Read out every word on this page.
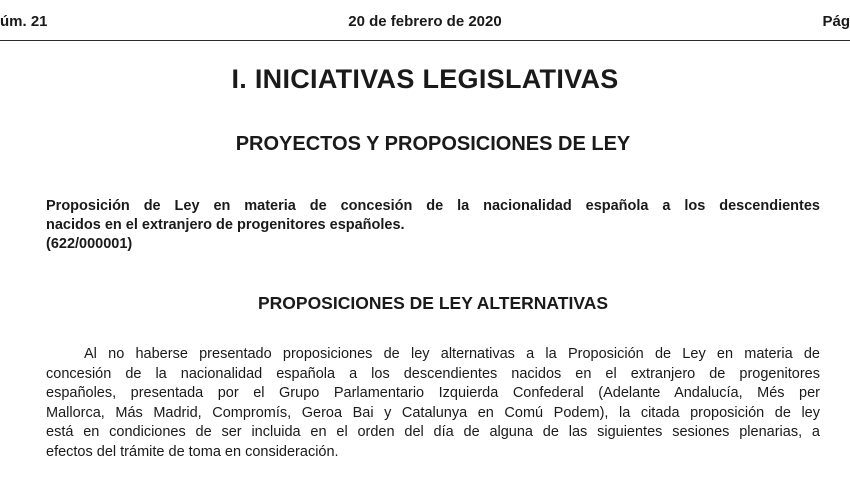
úm. 21	20 de febrero de 2020	Pág
I. INICIATIVAS LEGISLATIVAS
PROYECTOS Y PROPOSICIONES DE LEY
Proposición de Ley en materia de concesión de la nacionalidad española a los descendientes
nacidos en el extranjero de progenitores españoles.
(622/000001)
PROPOSICIONES DE LEY ALTERNATIVAS
Al no haberse presentado proposiciones de ley alternativas a la Proposición de Ley en materia de
concesión de la nacionalidad española a los descendientes nacidos en el extranjero de progenitores
españoles, presentada por el Grupo Parlamentario Izquierda Confederal (Adelante Andalucía, Més per
Mallorca, Más Madrid, Compromís, Geroa Bai y Catalunya en Comú Podem), la citada proposición de ley
está en condiciones de ser incluida en el orden del día de alguna de las siguientes sesiones plenarias, a
efectos del trámite de toma en consideración.
